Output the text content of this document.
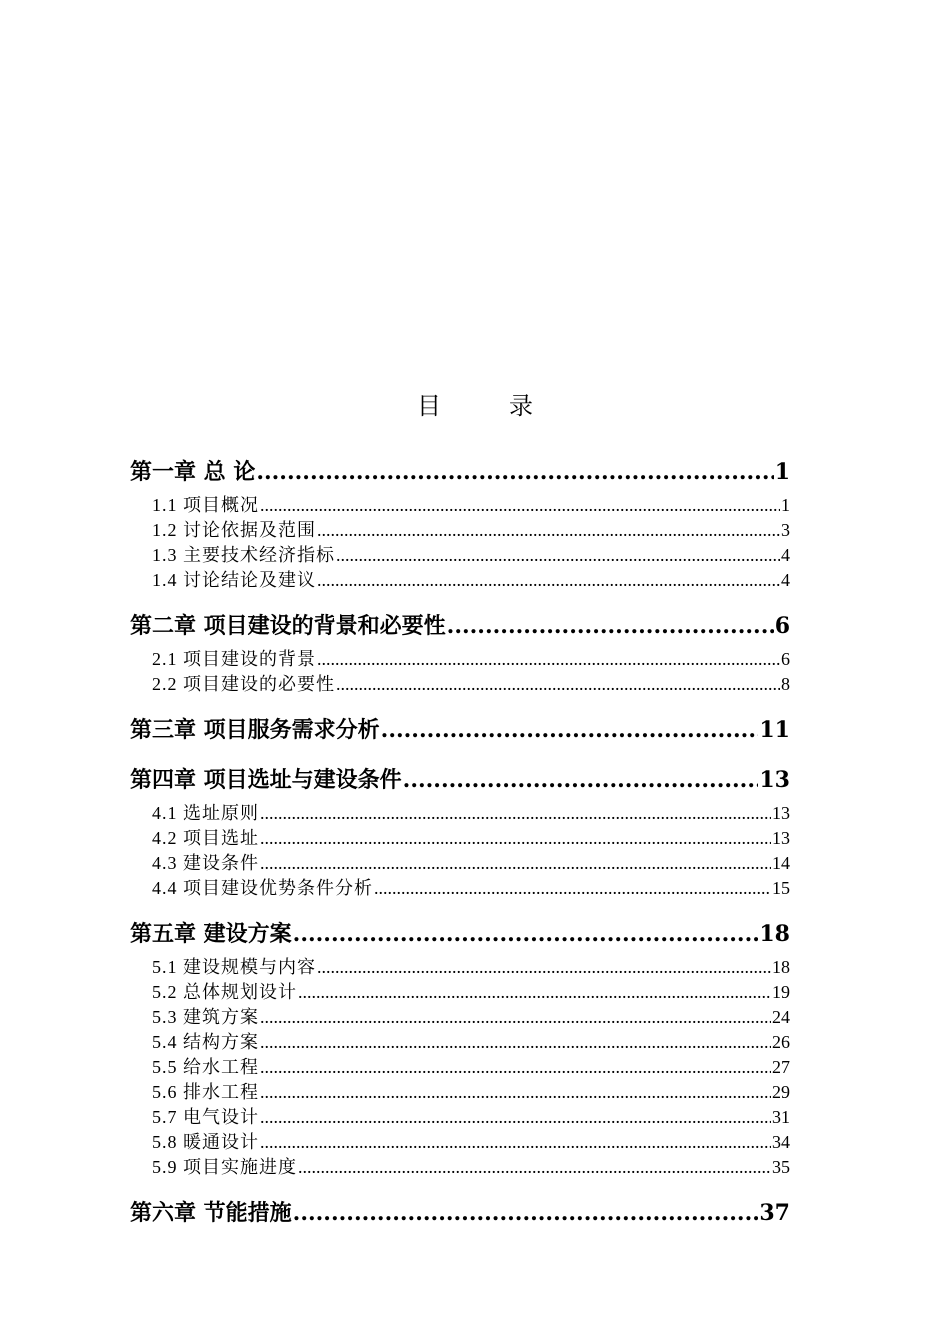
目　录
第一章 总 论 .....	1
1.1 项目概况 .....	1
1.2 讨论依据及范围 .....	3
1.3 主要技术经济指标 .....	4
1.4 讨论结论及建议 .....	4
第二章 项目建设的背景和必要性 .....	6
2.1 项目建设的背景 .....	6
2.2 项目建设的必要性 .....	8
第三章 项目服务需求分析 .....	11
第四章 项目选址与建设条件 .....	13
4.1 选址原则 .....	13
4.2 项目选址 .....	13
4.3 建设条件 .....	14
4.4 项目建设优势条件分析 .....	15
第五章 建设方案 .....	18
5.1 建设规模与内容 .....	18
5.2 总体规划设计 .....	19
5.3 建筑方案 .....	24
5.4 结构方案 .....	26
5.5 给水工程 .....	27
5.6 排水工程 .....	29
5.7 电气设计 .....	31
5.8 暖通设计 .....	34
5.9 项目实施进度 .....	35
第六章 节能措施 .....	37
